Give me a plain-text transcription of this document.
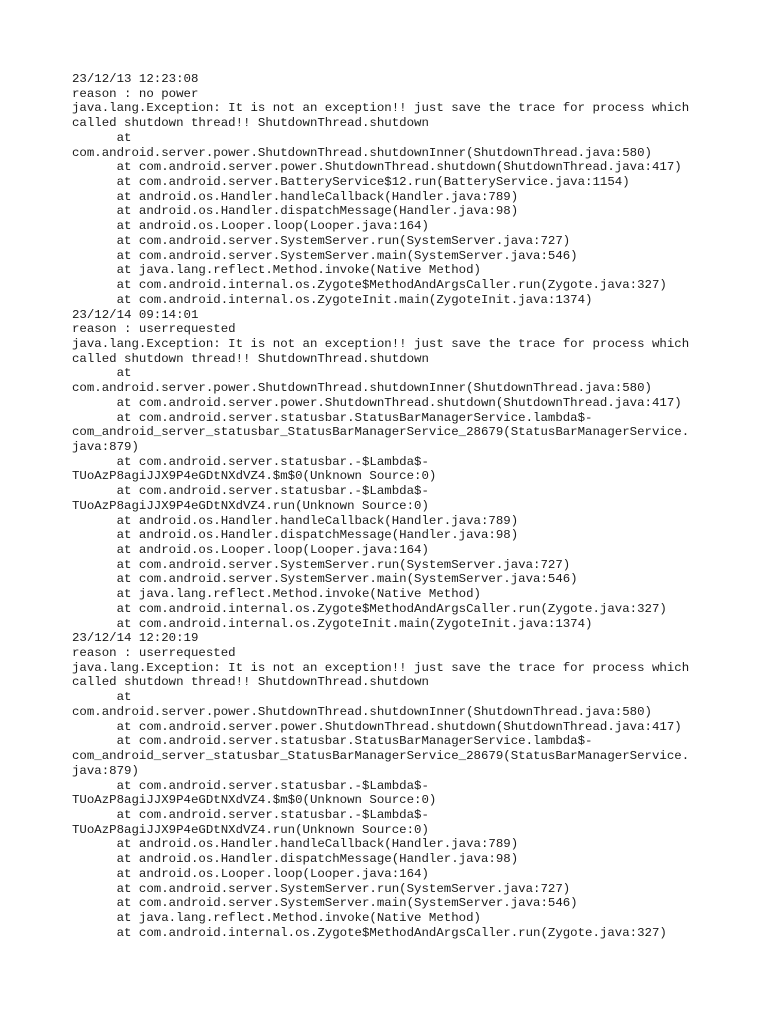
23/12/13 12:23:08
reason : no power
java.lang.Exception: It is not an exception!! just save the trace for process which
called shutdown thread!! ShutdownThread.shutdown
at
com.android.server.power.ShutdownThread.shutdownInner(ShutdownThread.java:580)
at com.android.server.power.ShutdownThread.shutdown(ShutdownThread.java:417)
at com.android.server.BatteryService$12.run(BatteryService.java:1154)
at android.os.Handler.handleCallback(Handler.java:789)
at android.os.Handler.dispatchMessage(Handler.java:98)
at android.os.Looper.loop(Looper.java:164)
at com.android.server.SystemServer.run(SystemServer.java:727)
at com.android.server.SystemServer.main(SystemServer.java:546)
at java.lang.reflect.Method.invoke(Native Method)
at com.android.internal.os.Zygote$MethodAndArgsCaller.run(Zygote.java:327)
at com.android.internal.os.ZygoteInit.main(ZygoteInit.java:1374)
23/12/14 09:14:01
reason : userrequested
java.lang.Exception: It is not an exception!! just save the trace for process which
called shutdown thread!! ShutdownThread.shutdown
at
com.android.server.power.ShutdownThread.shutdownInner(ShutdownThread.java:580)
at com.android.server.power.ShutdownThread.shutdown(ShutdownThread.java:417)
at com.android.server.statusbar.StatusBarManagerService.lambda$-
com_android_server_statusbar_StatusBarManagerService_28679(StatusBarManagerService.
java:879)
at com.android.server.statusbar.-$Lambda$-
TUoAzP8agiJJX9P4eGDtNXdVZ4.$m$0(Unknown Source:0)
at com.android.server.statusbar.-$Lambda$-
TUoAzP8agiJJX9P4eGDtNXdVZ4.run(Unknown Source:0)
at android.os.Handler.handleCallback(Handler.java:789)
at android.os.Handler.dispatchMessage(Handler.java:98)
at android.os.Looper.loop(Looper.java:164)
at com.android.server.SystemServer.run(SystemServer.java:727)
at com.android.server.SystemServer.main(SystemServer.java:546)
at java.lang.reflect.Method.invoke(Native Method)
at com.android.internal.os.Zygote$MethodAndArgsCaller.run(Zygote.java:327)
at com.android.internal.os.ZygoteInit.main(ZygoteInit.java:1374)
23/12/14 12:20:19
reason : userrequested
java.lang.Exception: It is not an exception!! just save the trace for process which
called shutdown thread!! ShutdownThread.shutdown
at
com.android.server.power.ShutdownThread.shutdownInner(ShutdownThread.java:580)
at com.android.server.power.ShutdownThread.shutdown(ShutdownThread.java:417)
at com.android.server.statusbar.StatusBarManagerService.lambda$-
com_android_server_statusbar_StatusBarManagerService_28679(StatusBarManagerService.
java:879)
at com.android.server.statusbar.-$Lambda$-
TUoAzP8agiJJX9P4eGDtNXdVZ4.$m$0(Unknown Source:0)
at com.android.server.statusbar.-$Lambda$-
TUoAzP8agiJJX9P4eGDtNXdVZ4.run(Unknown Source:0)
at android.os.Handler.handleCallback(Handler.java:789)
at android.os.Handler.dispatchMessage(Handler.java:98)
at android.os.Looper.loop(Looper.java:164)
at com.android.server.SystemServer.run(SystemServer.java:727)
at com.android.server.SystemServer.main(SystemServer.java:546)
at java.lang.reflect.Method.invoke(Native Method)
at com.android.internal.os.Zygote$MethodAndArgsCaller.run(Zygote.java:327)
